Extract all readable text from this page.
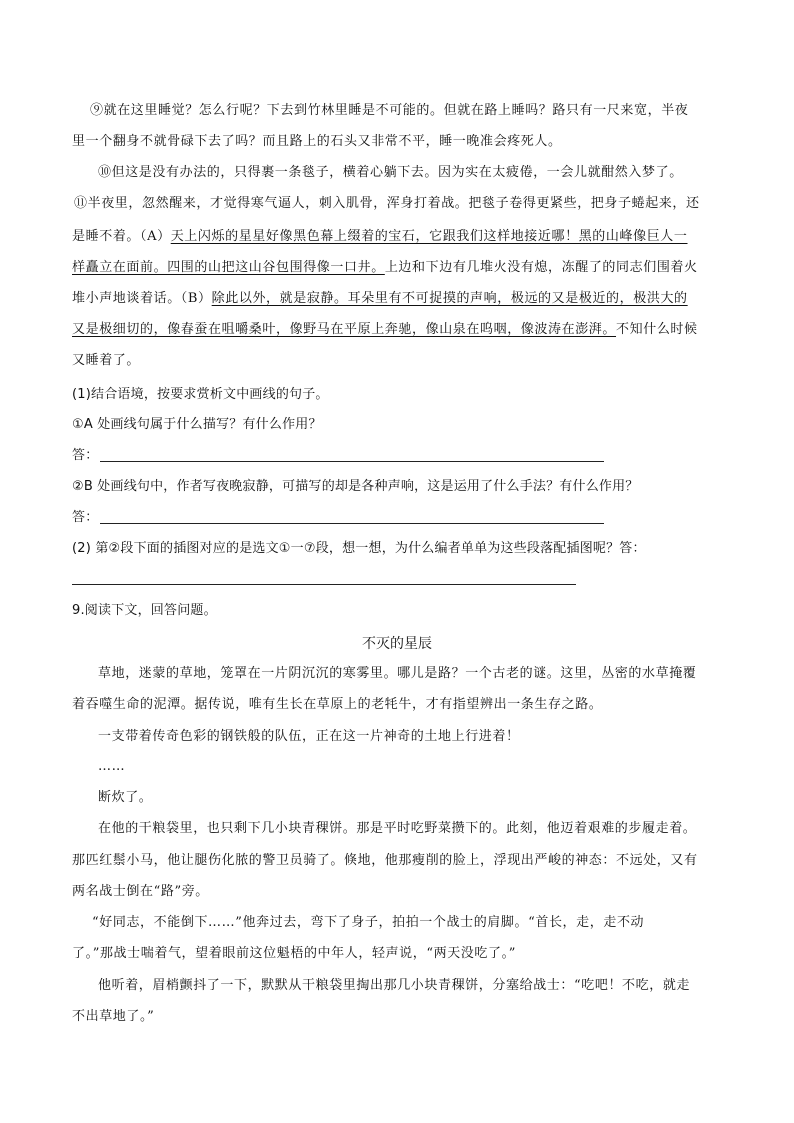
⑨就在这里睡觉？怎么行呢？下去到竹林里睡是不可能的。但就在路上睡吗？路只有一尺来宽，半夜
里一个翻身不就骨碌下去了吗？而且路上的石头又非常不平，睡一晚准会疼死人。
⑩但这是没有办法的，只得裹一条毯子，横着心躺下去。因为实在太疲倦，一会儿就酣然入梦了。
⑪半夜里，忽然醒来，才觉得寒气逼人，刺入肌骨，浑身打着战。把毯子卷得更紧些，把身子蜷起来，还
是睡不着。（A）天上闪烁的星星好像黑色幕上缀着的宝石，它跟我们这样地接近哪！黑的山峰像巨人一
样矗立在面前。四围的山把这山谷包围得像一口井。上边和下边有几堆火没有熄，冻醒了的同志们围着火
堆小声地谈着话。（B）除此以外，就是寂静。耳朵里有不可捉摸的声响，极远的又是极近的，极洪大的
又是极细切的，像春蚕在咀嚼桑叶，像野马在平原上奔驰，像山泉在呜咽，像波涛在澎湃。不知什么时候
又睡着了。
(1)结合语境，按要求赏析文中画线的句子。
①A 处画线句属于什么描写？有什么作用？
答：
②B 处画线句中，作者写夜晚寂静，可描写的却是各种声响，这是运用了什么手法？有什么作用？
答：
(2) 第②段下面的插图对应的是选文①一⑦段，想一想，为什么编者单单为这些段落配插图呢？答：
9.阅读下文，回答问题。
不灭的星辰
草地，迷蒙的草地，笼罩在一片阴沉沉的寒雾里。哪儿是路？一个古老的谜。这里，丛密的水草掩覆
着吞噬生命的泥潭。据传说，唯有生长在草原上的老牦牛，才有指望辨出一条生存之路。
一支带着传奇色彩的钢铁般的队伍，正在这一片神奇的土地上行进着！
……
断炊了。
在他的干粮袋里，也只剩下几小块青稞饼。那是平时吃野菜攒下的。此刻，他迈着艰难的步履走着。
那匹红鬃小马，他让腿伤化脓的警卫员骑了。倏地，他那瘦削的脸上，浮现出严峻的神态：不远处，又有
两名战士倒在“路”旁。
“好同志，不能倒下……”他奔过去，弯下了身子，拍拍一个战士的肩脚。“首长，走，走不动
了。”那战士喘着气，望着眼前这位魁梧的中年人，轻声说，“两天没吃了。”
他听着，眉梢颤抖了一下，默默从干粮袋里掏出那几小块青稞饼，分塞给战士：“吃吧！不吃，就走
不出草地了。”
